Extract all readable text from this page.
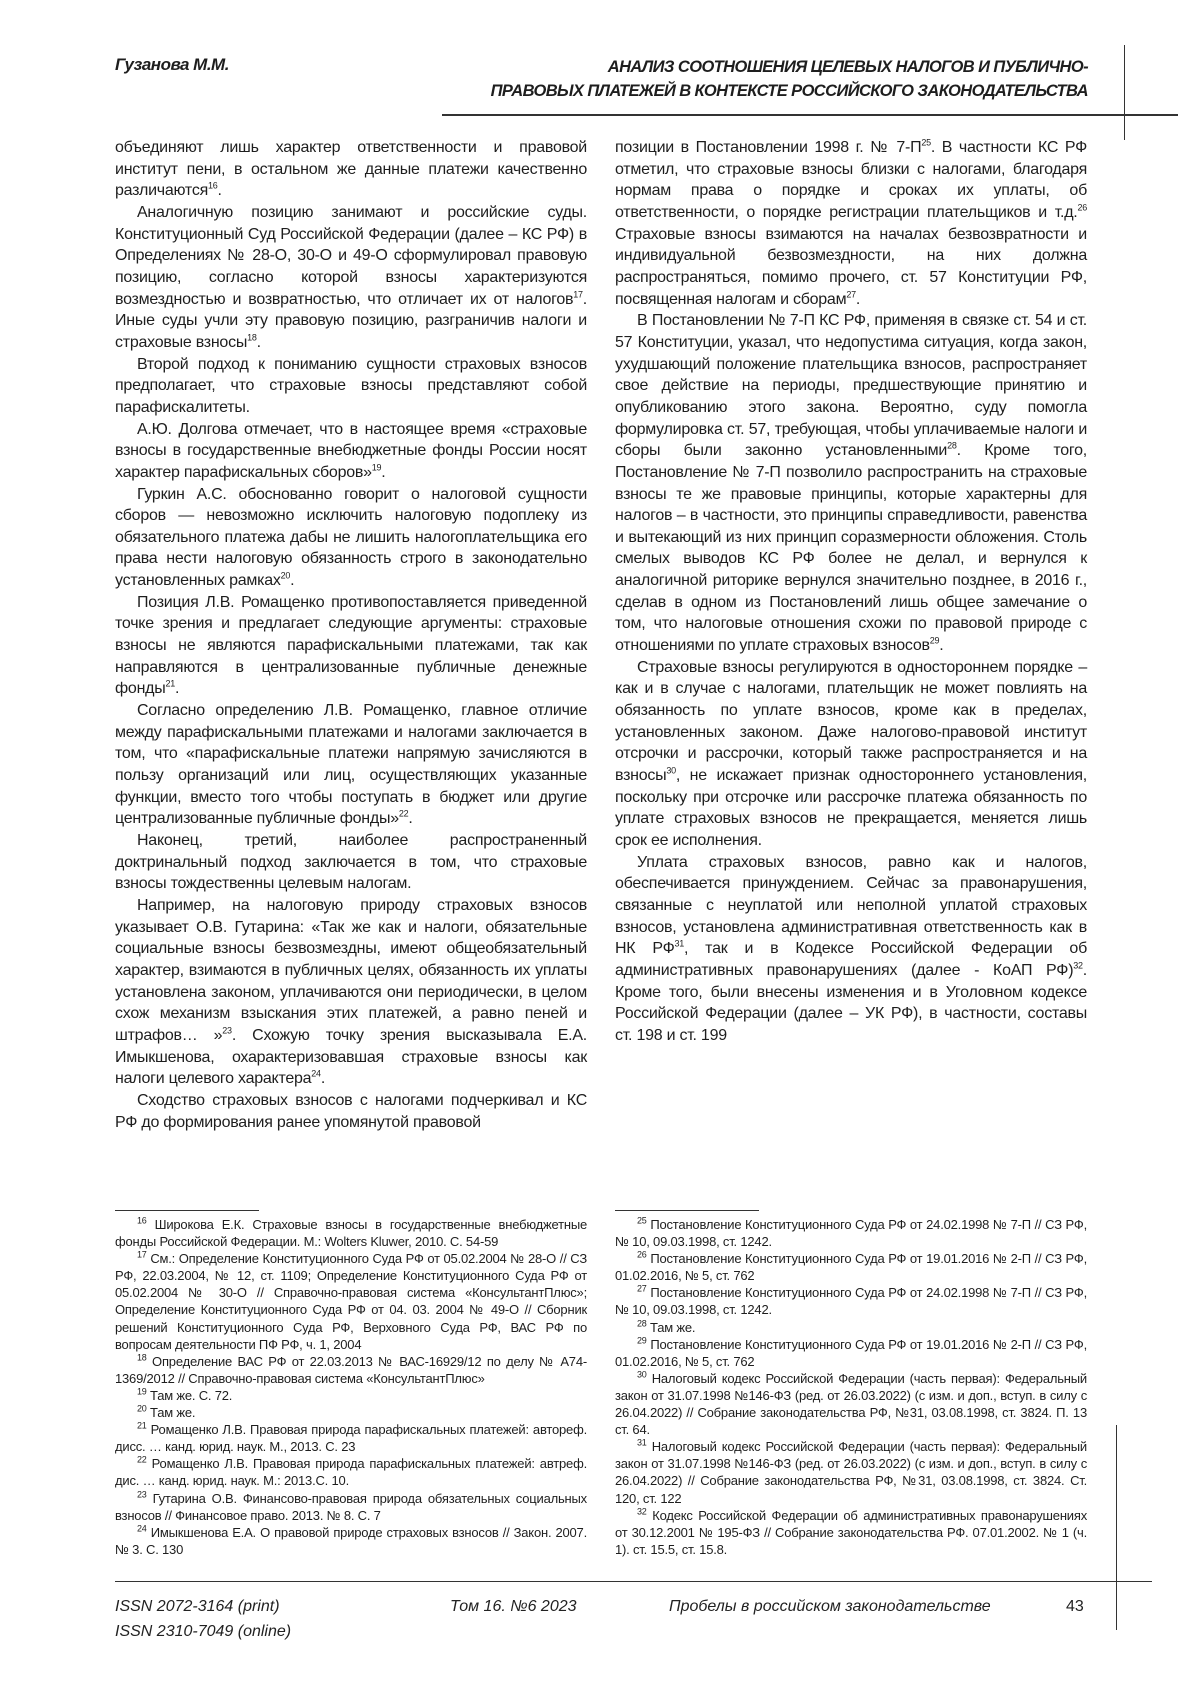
Гузанова М.М.	АНАЛИЗ СООТНОШЕНИЯ ЦЕЛЕВЫХ НАЛОГОВ И ПУБЛИЧНО-
ПРАВОВЫХ ПЛАТЕЖЕЙ В КОНТЕКСТЕ РОССИЙСКОГО ЗАКОНОДАТЕЛЬСТВА

объединяют лишь характер ответственности и правовой институт пени, в остальном же данные платежи качественно различаются16.

Аналогичную позицию занимают и российские суды. Конституционный Суд Российской Федерации (далее – КС РФ) в Определениях № 28-О, 30-О и 49-О сформулировал правовую позицию, согласно которой взносы характеризуются возмездностью и возвратностью, что отличает их от налогов17. Иные суды учли эту правовую позицию, разграничив налоги и страховые взносы18.

Второй подход к пониманию сущности страховых взносов предполагает, что страховые взносы представляют собой парафискалитеты.

А.Ю. Долгова отмечает, что в настоящее время «страховые взносы в государственные внебюджетные фонды России носят характер парафискальных сборов»19.

Гуркин А.С. обоснованно говорит о налоговой сущности сборов — невозможно исключить налоговую подоплеку из обязательного платежа дабы не лишить налогоплательщика его права нести налоговую обязанность строго в законодательно установленных рамках20.

Позиция Л.В. Ромащенко противопоставляется приведенной точке зрения и предлагает следующие аргументы: страховые взносы не являются парафискальными платежами, так как направляются в централизованные публичные денежные фонды21.

Согласно определению Л.В. Ромащенко, главное отличие между парафискальными платежами и налогами заключается в том, что «парафискальные платежи напрямую зачисляются в пользу организаций или лиц, осуществляющих указанные функции, вместо того чтобы поступать в бюджет или другие централизованные публичные фонды»22.

Наконец, третий, наиболее распространенный доктринальный подход заключается в том, что страховые взносы тождественны целевым налогам.

Например, на налоговую природу страховых взносов указывает О.В. Гутарина: «Так же как и налоги, обязательные социальные взносы безвозмездны, имеют общеобязательный характер, взимаются в публичных целях, обязанность их уплаты установлена законом, уплачиваются они периодически, в целом схож механизм взыскания этих платежей, а равно пеней и штрафов… »23. Схожую точку зрения высказывала Е.А. Имыкшенова, охарактеризовавшая страховые взносы как налоги целевого характера24.

Сходство страховых взносов с налогами подчеркивал и КС РФ до формирования ранее упомянутой правовой

позиции в Постановлении 1998 г. № 7-П25. В частности КС РФ отметил, что страховые взносы близки с налогами, благодаря нормам права о порядке и сроках их уплаты, об ответственности, о порядке регистрации плательщиков и т.д.26 Страховые взносы взимаются на началах безвозвратности и индивидуальной безвозмездности, на них должна распространяться, помимо прочего, ст. 57 Конституции РФ, посвященная налогам и сборам27.

В Постановлении № 7-П КС РФ, применяя в связке ст. 54 и ст. 57 Конституции, указал, что недопустима ситуация, когда закон, ухудшающий положение плательщика взносов, распространяет свое действие на периоды, предшествующие принятию и опубликованию этого закона. Вероятно, суду помогла формулировка ст. 57, требующая, чтобы уплачиваемые налоги и сборы были законно установленными28. Кроме того, Постановление № 7-П позволило распространить на страховые взносы те же правовые принципы, которые характерны для налогов – в частности, это принципы справедливости, равенства и вытекающий из них принцип соразмерности обложения. Столь смелых выводов КС РФ более не делал, и вернулся к аналогичной риторике вернулся значительно позднее, в 2016 г., сделав в одном из Постановлений лишь общее замечание о том, что налоговые отношения схожи по правовой природе с отношениями по уплате страховых взносов29.

Страховые взносы регулируются в одностороннем порядке – как и в случае с налогами, плательщик не может повлиять на обязанность по уплате взносов, кроме как в пределах, установленных законом. Даже налогово-правовой институт отсрочки и рассрочки, который также распространяется и на взносы30, не искажает признак одностороннего установления, поскольку при отсрочке или рассрочке платежа обязанность по уплате страховых взносов не прекращается, меняется лишь срок ее исполнения.

Уплата страховых взносов, равно как и налогов, обеспечивается принуждением. Сейчас за правонарушения, связанные с неуплатой или неполной уплатой страховых взносов, установлена административная ответственность как в НК РФ31, так и в Кодексе Российской Федерации об административных правонарушениях (далее - КоАП РФ)32. Кроме того, были внесены изменения и в Уголовном кодексе Российской Федерации (далее – УК РФ), в частности, составы ст. 198 и ст. 199

16 Широкова Е.К. Страховые взносы в государственные внебюджетные фонды Российской Федерации. М.: Wolters Kluwer, 2010. С. 54-59

17 См.: Определение Конституционного Суда РФ от 05.02.2004 № 28-О // СЗ РФ, 22.03.2004, № 12, ст. 1109; Определение Конституционного Суда РФ от 05.02.2004 № 30-О // Справочно-правовая система «КонсультантПлюс»; Определение Конституционного Суда РФ от 04. 03. 2004 № 49-О // Сборник решений Конституционного Суда РФ, Верховного Суда РФ, ВАС РФ по вопросам деятельности ПФ РФ, ч. 1, 2004

18 Определение ВАС РФ от 22.03.2013 № ВАС-16929/12 по делу № А74-1369/2012 // Справочно-правовая система «КонсультантПлюс»

19 Там же. С. 72.

20 Там же.

21 Ромащенко Л.В. Правовая природа парафискальных платежей: автореф. дисс. … канд. юрид. наук. М., 2013. С. 23

22 Ромащенко Л.В. Правовая природа парафискальных платежей: автреф. дис. … канд. юрид. наук. М.: 2013.С. 10.

23 Гутарина О.В. Финансово-правовая природа обязательных социальных взносов // Финансовое право. 2013. № 8. С. 7

24 Имыкшенова Е.А. О правовой природе страховых взносов // Закон. 2007. № 3. С. 130

25 Постановление Конституционного Суда РФ от 24.02.1998 № 7-П // СЗ РФ, № 10, 09.03.1998, ст. 1242.

26 Постановление Конституционного Суда РФ от 19.01.2016 № 2-П // СЗ РФ, 01.02.2016, № 5, ст. 762

27 Постановление Конституционного Суда РФ от 24.02.1998 № 7-П // СЗ РФ, № 10, 09.03.1998, ст. 1242.

28 Там же.

29 Постановление Конституционного Суда РФ от 19.01.2016 № 2-П // СЗ РФ, 01.02.2016, № 5, ст. 762

30 Налоговый кодекс Российской Федерации (часть первая): Федеральный закон от 31.07.1998 №146-ФЗ (ред. от 26.03.2022) (с изм. и доп., вступ. в силу с 26.04.2022) // Собрание законодательства РФ, №31, 03.08.1998, ст. 3824. П. 13 ст. 64.

31 Налоговый кодекс Российской Федерации (часть первая): Федеральный закон от 31.07.1998 №146-ФЗ (ред. от 26.03.2022) (с изм. и доп., вступ. в силу с 26.04.2022) // Собрание законодательства РФ, №31, 03.08.1998, ст. 3824. Ст. 120, ст. 122

32 Кодекс Российской Федерации об административных правонарушениях от 30.12.2001 № 195-ФЗ // Собрание законодательства РФ. 07.01.2002. № 1 (ч. 1). ст. 15.5, ст. 15.8.

ISSN 2072-3164 (print)
ISSN 2310-7049 (online)
Том 16. №6 2023	Пробелы в российском законодательстве	43
